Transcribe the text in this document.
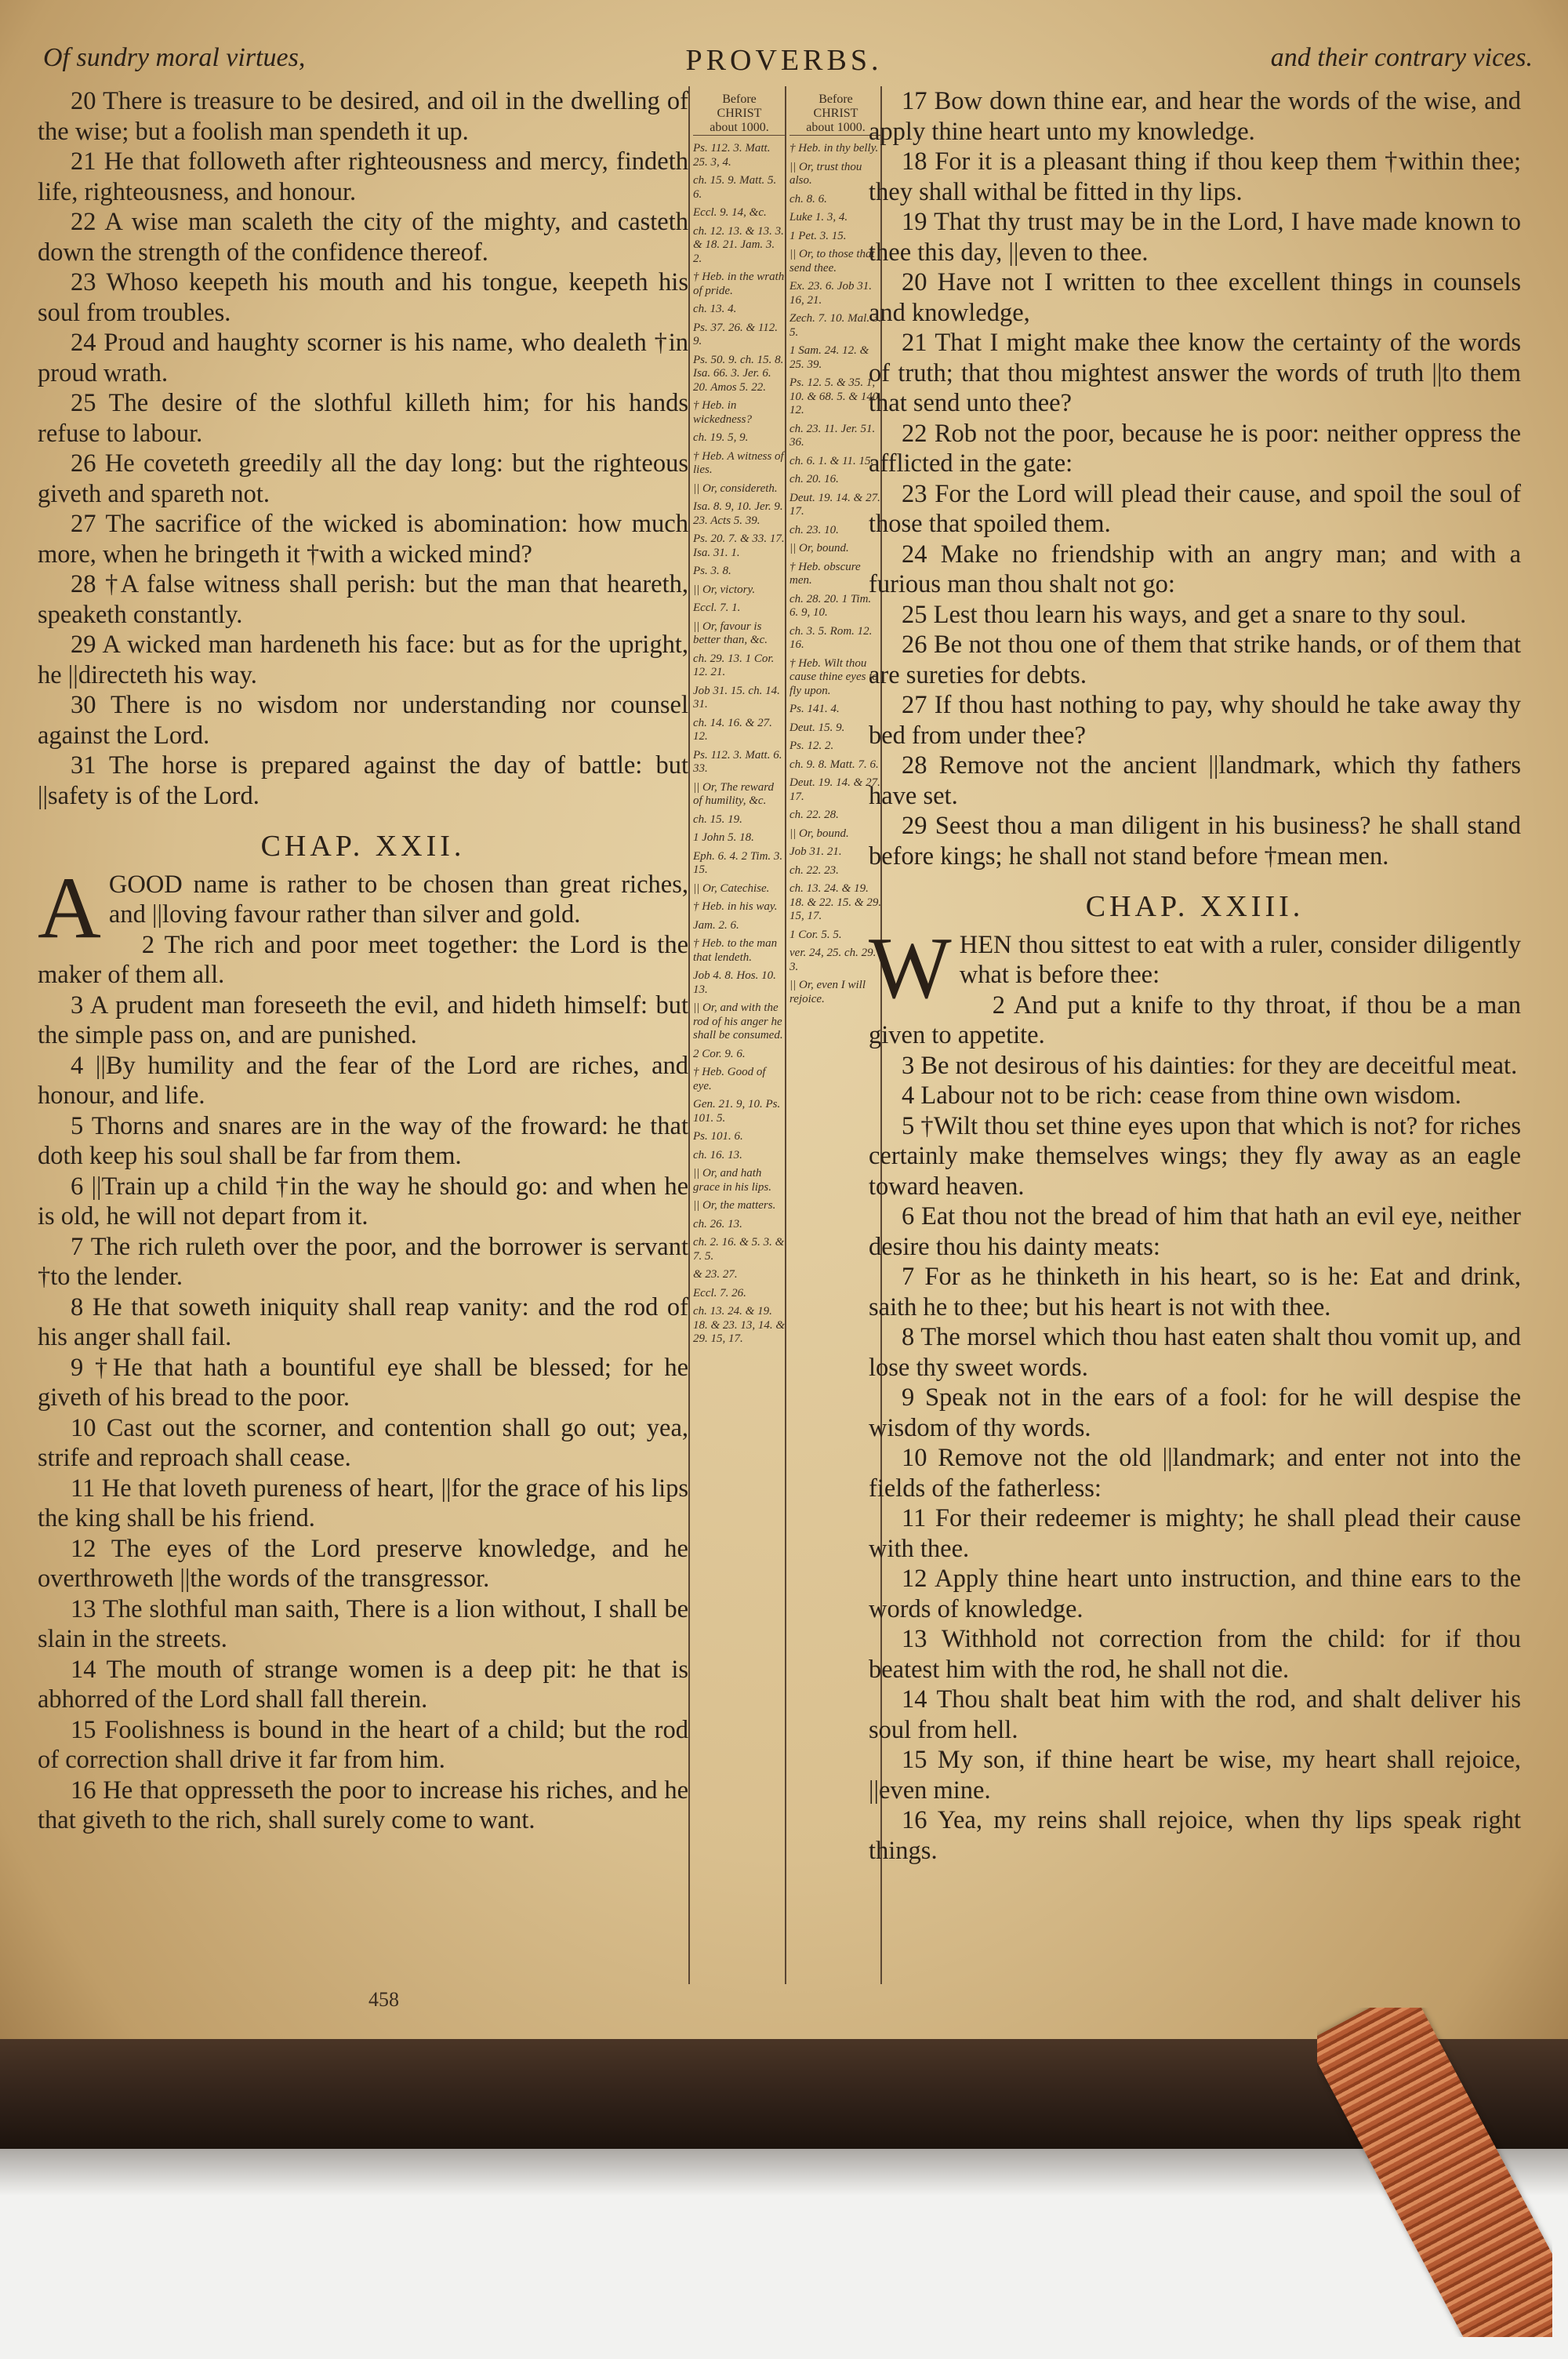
Of sundry moral virtues,	PROVERBS.	and their contrary vices.

20 There is treasure to be desired, and oil in the dwelling of the wise; but a foolish man spendeth it up.

21 He that followeth after righteousness and mercy, findeth life, righteousness, and honour.

22 A wise man scaleth the city of the mighty, and casteth down the strength of the confidence thereof.

23 Whoso keepeth his mouth and his tongue, keepeth his soul from troubles.

24 Proud and haughty scorner is his name, who dealeth †in proud wrath.

25 The desire of the slothful killeth him; for his hands refuse to labour.

26 He coveteth greedily all the day long: but the righteous giveth and spareth not.

27 The sacrifice of the wicked is abomination: how much more, when he bringeth it †with a wicked mind?

28 †A false witness shall perish: but the man that heareth, speaketh constantly.

29 A wicked man hardeneth his face: but as for the upright, he ||directeth his way.

30 There is no wisdom nor understanding nor counsel against the Lord.

31 The horse is prepared against the day of battle: but ||safety is of the Lord.

CHAP. XXII.

AGOOD name is rather to be chosen than great riches, and ||loving favour rather than silver and gold.

2 The rich and poor meet together: the Lord is the maker of them all.

3 A prudent man foreseeth the evil, and hideth himself: but the simple pass on, and are punished.

4 ||By humility and the fear of the Lord are riches, and honour, and life.

5 Thorns and snares are in the way of the froward: he that doth keep his soul shall be far from them.

6 ||Train up a child †in the way he should go: and when he is old, he will not depart from it.

7 The rich ruleth over the poor, and the borrower is servant †to the lender.

8 He that soweth iniquity shall reap vanity: and the rod of his anger shall fail.

9 †He that hath a bountiful eye shall be blessed; for he giveth of his bread to the poor.

10 Cast out the scorner, and contention shall go out; yea, strife and reproach shall cease.

11 He that loveth pureness of heart, ||for the grace of his lips the king shall be his friend.

12 The eyes of the Lord preserve knowledge, and he overthroweth ||the words of the transgressor.

13 The slothful man saith, There is a lion without, I shall be slain in the streets.

14 The mouth of strange women is a deep pit: he that is abhorred of the Lord shall fall therein.

15 Foolishness is bound in the heart of a child; but the rod of correction shall drive it far from him.

16 He that oppresseth the poor to increase his riches, and he that giveth to the rich, shall surely come to want.

Before
CHRIST
about 1000.
Ps. 112. 3. Matt. 25. 3, 4.
ch. 15. 9. Matt. 5. 6.
Eccl. 9. 14, &c.
ch. 12. 13. & 13. 3. & 18. 21. Jam. 3. 2.
† Heb. in the wrath of pride.
ch. 13. 4.
Ps. 37. 26. & 112. 9.
Ps. 50. 9. ch. 15. 8. Isa. 66. 3. Jer. 6. 20. Amos 5. 22.
† Heb. in wickedness?
ch. 19. 5, 9.
† Heb. A witness of lies.
|| Or, considereth.
Isa. 8. 9, 10. Jer. 9. 23. Acts 5. 39.
Ps. 20. 7. & 33. 17. Isa. 31. 1.
Ps. 3. 8.
|| Or, victory.
Eccl. 7. 1.
|| Or, favour is better than, &c.
ch. 29. 13. 1 Cor. 12. 21.
Job 31. 15. ch. 14. 31.
ch. 14. 16. & 27. 12.
Ps. 112. 3. Matt. 6. 33.
|| Or, The reward of humility, &c.
ch. 15. 19.
1 John 5. 18.
Eph. 6. 4. 2 Tim. 3. 15.
|| Or, Catechise.
† Heb. in his way.
Jam. 2. 6.
† Heb. to the man that lendeth.
Job 4. 8. Hos. 10. 13.
|| Or, and with the rod of his anger he shall be consumed.
2 Cor. 9. 6.
† Heb. Good of eye.
Gen. 21. 9, 10. Ps. 101. 5.
Ps. 101. 6.
ch. 16. 13.
|| Or, and hath grace in his lips.
|| Or, the matters.
ch. 26. 13.
ch. 2. 16. & 5. 3. & 7. 5.
& 23. 27.
Eccl. 7. 26.
ch. 13. 24. & 19. 18. & 23. 13, 14. & 29. 15, 17.
Before
CHRIST
about 1000.
† Heb. in thy belly.
|| Or, trust thou also.
ch. 8. 6.
Luke 1. 3, 4.
1 Pet. 3. 15.
|| Or, to those that send thee.
Ex. 23. 6. Job 31. 16, 21.
Zech. 7. 10. Mal. 3. 5.
1 Sam. 24. 12. & 25. 39.
Ps. 12. 5. & 35. 1, 10. & 68. 5. & 140. 12.
ch. 23. 11. Jer. 51. 36.
ch. 6. 1. & 11. 15.
ch. 20. 16.
Deut. 19. 14. & 27. 17.
ch. 23. 10.
|| Or, bound.
† Heb. obscure men.
ch. 28. 20. 1 Tim. 6. 9, 10.
ch. 3. 5. Rom. 12. 16.
† Heb. Wilt thou cause thine eyes to fly upon.
Ps. 141. 4.
Deut. 15. 9.
Ps. 12. 2.
ch. 9. 8. Matt. 7. 6.
Deut. 19. 14. & 27. 17.
ch. 22. 28.
|| Or, bound.
Job 31. 21.
ch. 22. 23.
ch. 13. 24. & 19. 18. & 22. 15. & 29. 15, 17.
1 Cor. 5. 5.
ver. 24, 25. ch. 29. 3.
|| Or, even I will rejoice.

17 Bow down thine ear, and hear the words of the wise, and apply thine heart unto my knowledge.

18 For it is a pleasant thing if thou keep them †within thee; they shall withal be fitted in thy lips.

19 That thy trust may be in the Lord, I have made known to thee this day, ||even to thee.

20 Have not I written to thee excellent things in counsels and knowledge,

21 That I might make thee know the certainty of the words of truth; that thou mightest answer the words of truth ||to them that send unto thee?

22 Rob not the poor, because he is poor: neither oppress the afflicted in the gate:

23 For the Lord will plead their cause, and spoil the soul of those that spoiled them.

24 Make no friendship with an angry man; and with a furious man thou shalt not go:

25 Lest thou learn his ways, and get a snare to thy soul.

26 Be not thou one of them that strike hands, or of them that are sureties for debts.

27 If thou hast nothing to pay, why should he take away thy bed from under thee?

28 Remove not the ancient ||landmark, which thy fathers have set.

29 Seest thou a man diligent in his business? he shall stand before kings; he shall not stand before †mean men.

CHAP. XXIII.

WHEN thou sittest to eat with a ruler, consider diligently what is before thee:

2 And put a knife to thy throat, if thou be a man given to appetite.

3 Be not desirous of his dainties: for they are deceitful meat.

4 Labour not to be rich: cease from thine own wisdom.

5 †Wilt thou set thine eyes upon that which is not? for riches certainly make themselves wings; they fly away as an eagle toward heaven.

6 Eat thou not the bread of him that hath an evil eye, neither desire thou his dainty meats:

7 For as he thinketh in his heart, so is he: Eat and drink, saith he to thee; but his heart is not with thee.

8 The morsel which thou hast eaten shalt thou vomit up, and lose thy sweet words.

9 Speak not in the ears of a fool: for he will despise the wisdom of thy words.

10 Remove not the old ||landmark; and enter not into the fields of the fatherless:

11 For their redeemer is mighty; he shall plead their cause with thee.

12 Apply thine heart unto instruction, and thine ears to the words of knowledge.

13 Withhold not correction from the child: for if thou beatest him with the rod, he shall not die.

14 Thou shalt beat him with the rod, and shalt deliver his soul from hell.

15 My son, if thine heart be wise, my heart shall rejoice, ||even mine.

16 Yea, my reins shall rejoice, when thy lips speak right things.

458
